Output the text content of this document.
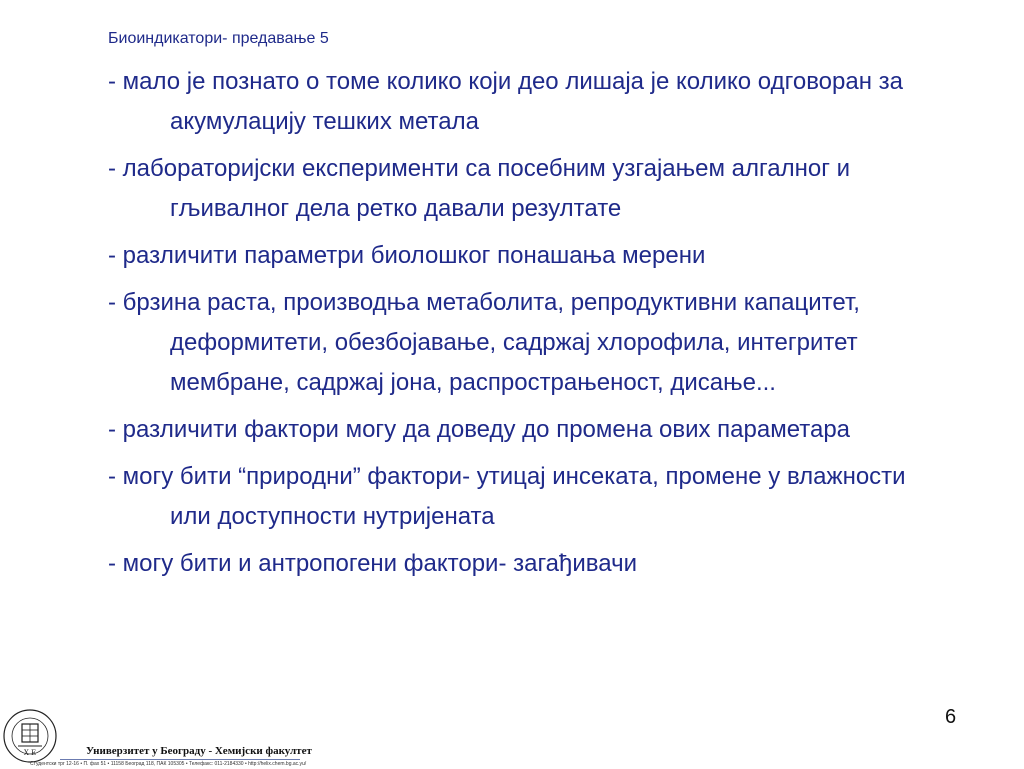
Биоиндикатори- предавање 5
- мало је познато о томе колико који део лишаја је колико одговоран за акумулацију тешких метала
- лабораторијски експерименти са посебним узгајањем алгалног и гљивалног дела ретко давали резултате
- различити параметри биолошког понашања мерени
- брзина раста, производња метаболита, репродуктивни капацитет, деформитети, обезбојавање, садржај хлорофила, интегритет мембране, садржај јона, распрострањеност, дисање...
- различити фактори могу да доведу до промена ових параметара
- могу бити “природни” фактори- утицај инсеката, промене у влажности или доступности нутријената
- могу бити и антропогени фактори- загађивачи
6
Х Е	Универзитет у Београду - Хемијски факултет
Студентски трг 12-16 • П. фах 51 • 11158 Београд 118, ПАК 105305 • Телефакс: 011-2184330 • http://helix.chem.bg.ac.yu/
